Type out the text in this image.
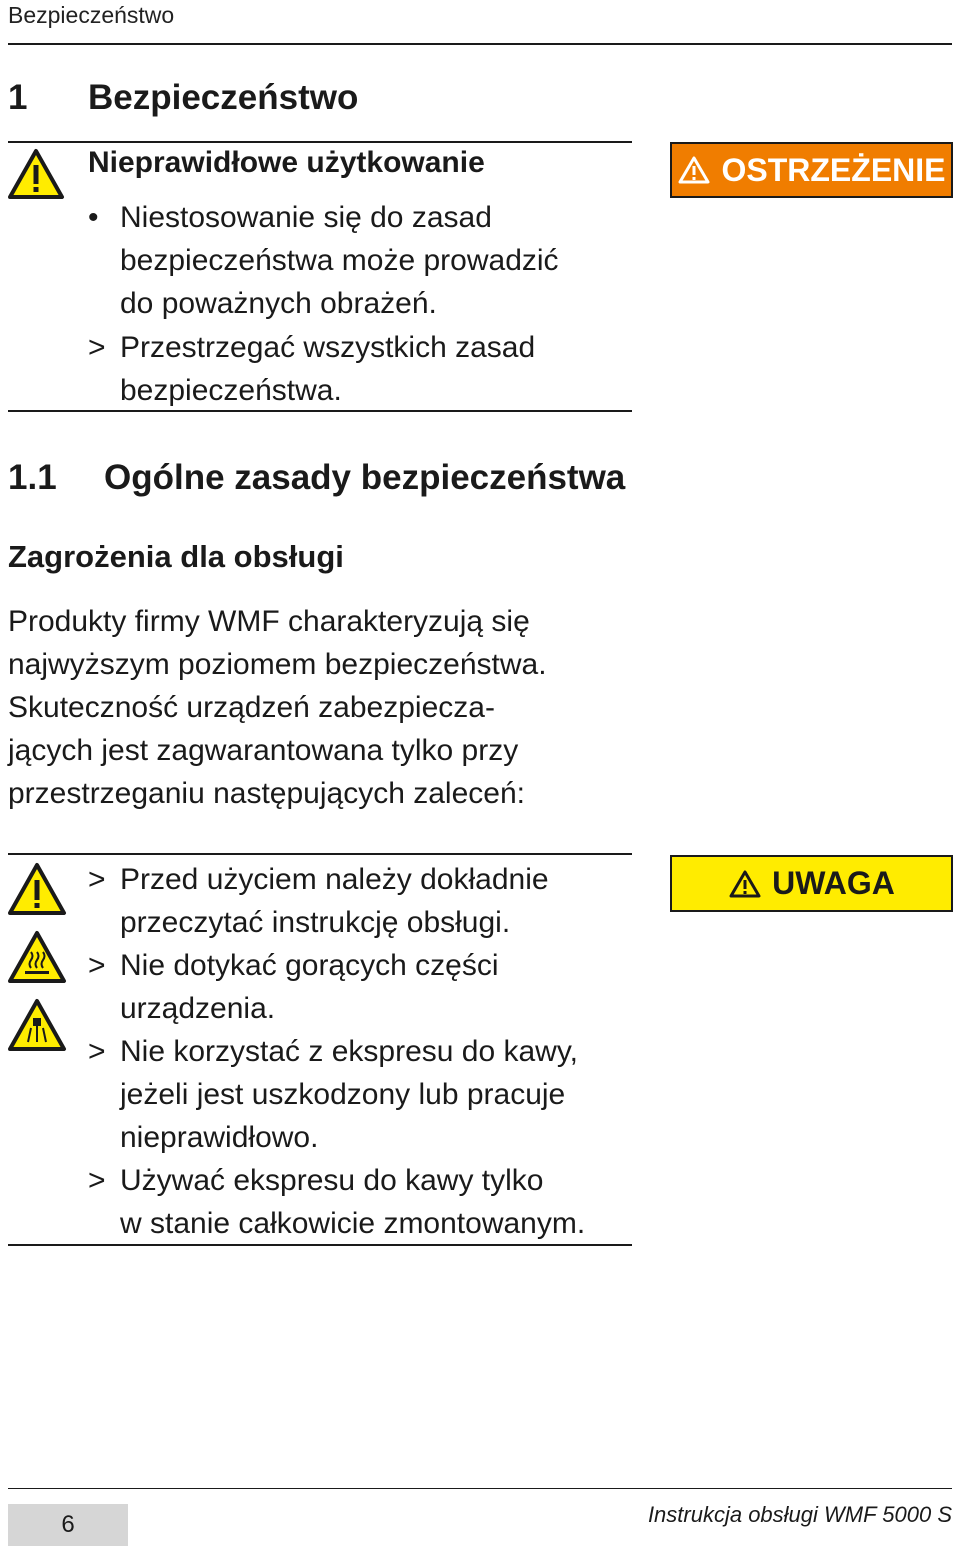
Bezpieczeństwo
1 Bezpieczeństwo
Nieprawidłowe użytkowanie
• Niestosowanie się do zasad
bezpieczeństwa może prowadzić
do poważnych obrażeń.
> Przestrzegać wszystkich zasad
bezpieczeństwa.
OSTRZEŻENIE
1.1 Ogólne zasady bezpieczeństwa
Zagrożenia dla obsługi
Produkty firmy WMF charakteryzują się
najwyższym poziomem bezpieczeństwa.
Skuteczność urządzeń zabezpiecza-
jących jest zagwarantowana tylko przy
przestrzeganiu następujących zaleceń:
> Przed użyciem należy dokładnie
przeczytać instrukcję obsługi.
> Nie dotykać gorących części
urządzenia.
> Nie korzystać z ekspresu do kawy,
jeżeli jest uszkodzony lub pracuje
nieprawidłowo.
> Używać ekspresu do kawy tylko
w stanie całkowicie zmontowanym.
UWAGA
6	Instrukcja obsługi WMF 5000 S
